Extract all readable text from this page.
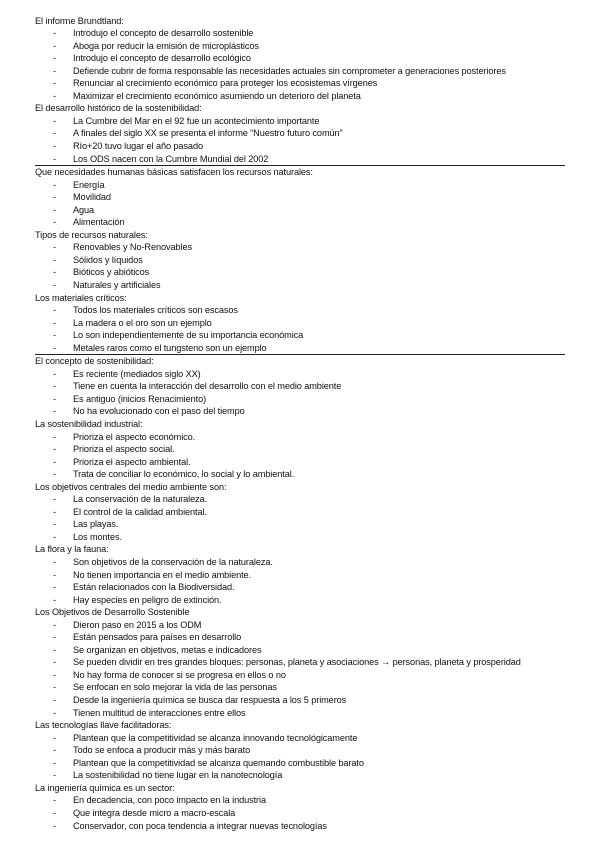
El informe Brundtland:
- Introdujo el concepto de desarrollo sostenible
- Aboga por reducir la emisión de microplásticos
- Introdujo el concepto de desarrollo ecológico
- Defiende cubrir de forma responsable las necesidades actuales sin comprometer a generaciones posteriores
- Renunciar al crecimiento económico para proteger los ecosistemas vírgenes
- Maximizar el crecimiento económico asumiendo un deterioro del planeta
El desarrollo histórico de la sostenibilidad:
- La Cumbre del Mar en el 92 fue un acontecimiento importante
- A finales del siglo XX se presenta el informe “Nuestro futuro común”
- Río+20 tuvo lugar el año pasado
- Los ODS nacen con la Cumbre Mundial del 2002
Que necesidades humanas básicas satisfacen los recursos naturales:
- Energía
- Movilidad
- Agua
- Alimentación
Tipos de recursos naturales:
- Renovables y No-Renovables
- Sólidos y líquidos
- Bióticos y abióticos
- Naturales y artificiales
Los materiales críticos:
- Todos los materiales críticos son escasos
- La madera o el oro son un ejemplo
- Lo son independientemente de su importancia económica
- Metales raros como el tungsteno son un ejemplo
El concepto de sostenibilidad:
- Es reciente (mediados siglo XX)
- Tiene en cuenta la interacción del desarrollo con el medio ambiente
- Es antiguo (inicios Renacimiento)
- No ha evolucionado con el paso del tiempo
La sostenibilidad industrial:
- Prioriza el aspecto económico.
- Prioriza el aspecto social.
- Prioriza el aspecto ambiental.
- Trata de conciliar lo económico, lo social y lo ambiental.
Los objetivos centrales del medio ambiente son:
- La conservación de la naturaleza.
- El control de la calidad ambiental.
- Las playas.
- Los montes.
La flora y la fauna:
- Son objetivos de la conservación de la naturaleza.
- No tienen importancia en el medio ambiente.
- Están relacionados con la Biodiversidad.
- Hay especies en peligro de extinción.
Los Objetivos de Desarrollo Sostenible
- Dieron paso en 2015 a los ODM
- Están pensados para países en desarrollo
- Se organizan en objetivos, metas e indicadores
- Se pueden dividir en tres grandes bloques: personas, planeta y asociaciones → personas, planeta y prosperidad
- No hay forma de conocer si se progresa en ellos o no
- Se enfocan en solo mejorar la vida de las personas
- Desde la ingeniería química se busca dar respuesta a los 5 primeros
- Tienen multitud de interacciones entre ellos
Las tecnologías llave facilitadoras:
- Plantean que la competitividad se alcanza innovando tecnológicamente
- Todo se enfoca a producir más y más barato
- Plantean que la competitividad se alcanza quemando combustible barato
- La sostenibilidad no tiene lugar en la nanotecnología
La ingeniería química es un sector:
- En decadencia, con poco impacto en la industria
- Que integra desde micro a macro-escala
- Conservador, con poca tendencia a integrar nuevas tecnologías
